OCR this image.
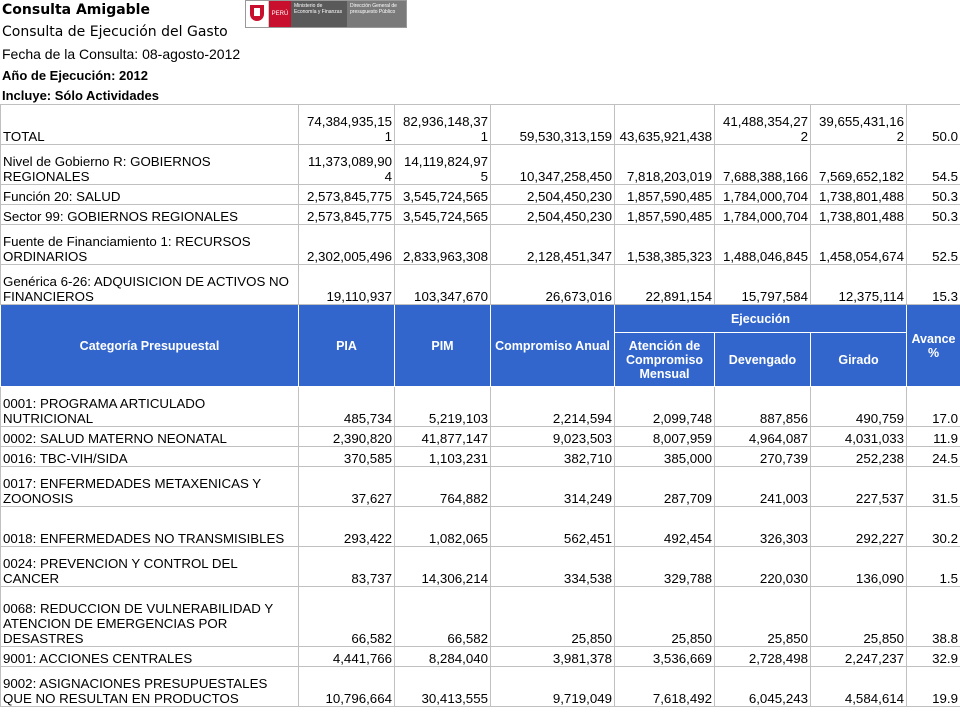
Consulta Amigable
Consulta de Ejecución del Gasto
Fecha de la Consulta: 08-agosto-2012
Año de Ejecución: 2012
Incluye: Sólo Actividades
PERÚ
Ministerio de Economía y Finanzas
Dirección General de presupuesto Público
TOTAL	74,384,935,151	82,936,148,371	59,530,313,159	43,635,921,438	41,488,354,272	39,655,431,162	50.0
Nivel de Gobierno R: GOBIERNOS REGIONALES	11,373,089,904	14,119,824,975	10,347,258,450	7,818,203,019	7,688,388,166	7,569,652,182	54.5
Función 20: SALUD	2,573,845,775	3,545,724,565	2,504,450,230	1,857,590,485	1,784,000,704	1,738,801,488	50.3
Sector 99: GOBIERNOS REGIONALES	2,573,845,775	3,545,724,565	2,504,450,230	1,857,590,485	1,784,000,704	1,738,801,488	50.3
Fuente de Financiamiento 1: RECURSOS ORDINARIOS	2,302,005,496	2,833,963,308	2,128,451,347	1,538,385,323	1,488,046,845	1,458,054,674	52.5
Genérica 6-26: ADQUISICION DE ACTIVOS NO FINANCIEROS	19,110,937	103,347,670	26,673,016	22,891,154	15,797,584	12,375,114	15.3
Categoría Presupuestal	PIA	PIM	Compromiso Anual	Ejecución			Avance %
				Atención de Compromiso Mensual	Devengado	Girado	
0001: PROGRAMA ARTICULADO NUTRICIONAL	485,734	5,219,103	2,214,594	2,099,748	887,856	490,759	17.0
0002: SALUD MATERNO NEONATAL	2,390,820	41,877,147	9,023,503	8,007,959	4,964,087	4,031,033	11.9
0016: TBC-VIH/SIDA	370,585	1,103,231	382,710	385,000	270,739	252,238	24.5
0017: ENFERMEDADES METAXENICAS Y ZOONOSIS	37,627	764,882	314,249	287,709	241,003	227,537	31.5
0018: ENFERMEDADES NO TRANSMISIBLES	293,422	1,082,065	562,451	492,454	326,303	292,227	30.2
0024: PREVENCION Y CONTROL DEL CANCER	83,737	14,306,214	334,538	329,788	220,030	136,090	1.5
0068: REDUCCION DE VULNERABILIDAD Y ATENCION DE EMERGENCIAS POR DESASTRES	66,582	66,582	25,850	25,850	25,850	25,850	38.8
9001: ACCIONES CENTRALES	4,441,766	8,284,040	3,981,378	3,536,669	2,728,498	2,247,237	32.9
9002: ASIGNACIONES PRESUPUESTALES QUE NO RESULTAN EN PRODUCTOS	10,796,664	30,413,555	9,719,049	7,618,492	6,045,243	4,584,614	19.9
